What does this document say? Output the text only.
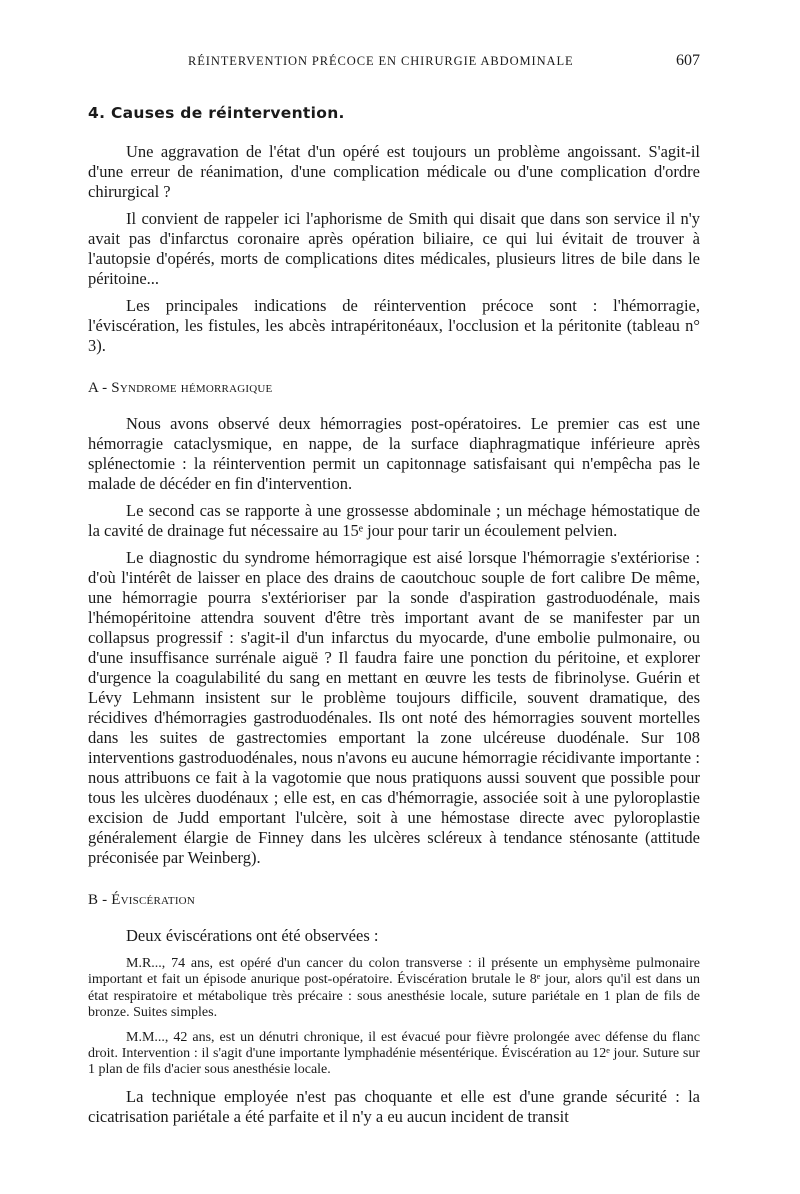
RÉINTERVENTION PRÉCOCE EN CHIRURGIE ABDOMINALE	607
4. Causes de réintervention.

Une aggravation de l'état d'un opéré est toujours un problème angoissant. S'agit-il d'une erreur de réanimation, d'une complication médicale ou d'une complication d'ordre chirurgical ?

Il convient de rappeler ici l'aphorisme de Smith qui disait que dans son service il n'y avait pas d'infarctus coronaire après opération biliaire, ce qui lui évitait de trouver à l'autopsie d'opérés, morts de complications dites médicales, plusieurs litres de bile dans le péritoine...

Les principales indications de réintervention précoce sont : l'hémorragie, l'éviscération, les fistules, les abcès intrapéritonéaux, l'occlusion et la péritonite (tableau n° 3).

A - Syndrome hémorragique

Nous avons observé deux hémorragies post-opératoires. Le premier cas est une hémorragie cataclysmique, en nappe, de la surface diaphragmatique inférieure après splénectomie : la réintervention permit un capitonnage satisfaisant qui n'empêcha pas le malade de décéder en fin d'intervention.

Le second cas se rapporte à une grossesse abdominale ; un méchage hémostatique de la cavité de drainage fut nécessaire au 15ᵉ jour pour tarir un écoulement pelvien.

Le diagnostic du syndrome hémorragique est aisé lorsque l'hémorragie s'extériorise : d'où l'intérêt de laisser en place des drains de caoutchouc souple de fort calibre De même, une hémorragie pourra s'extérioriser par la sonde d'aspiration gastroduodénale, mais l'hémopéritoine attendra souvent d'être très important avant de se manifester par un collapsus progressif : s'agit-il d'un infarctus du myocarde, d'une embolie pulmonaire, ou d'une insuffisance surrénale aiguë ? Il faudra faire une ponction du péritoine, et explorer d'urgence la coagulabilité du sang en mettant en œuvre les tests de fibrinolyse. Guérin et Lévy Lehmann insistent sur le problème toujours difficile, souvent dramatique, des récidives d'hémorragies gastroduodénales. Ils ont noté des hémorragies souvent mortelles dans les suites de gastrectomies emportant la zone ulcéreuse duodénale. Sur 108 interventions gastroduodénales, nous n'avons eu aucune hémorragie récidivante importante : nous attribuons ce fait à la vagotomie que nous pratiquons aussi souvent que possible pour tous les ulcères duodénaux ; elle est, en cas d'hémorragie, associée soit à une pyloroplastie excision de Judd emportant l'ulcère, soit à une hémostase directe avec pyloroplastie généralement élargie de Finney dans les ulcères scléreux à tendance sténosante (attitude préconisée par Weinberg).

B - Éviscération

Deux éviscérations ont été observées :

M.R..., 74 ans, est opéré d'un cancer du colon transverse : il présente un emphysème pulmonaire important et fait un épisode anurique post-opératoire. Éviscération brutale le 8ᵉ jour, alors qu'il est dans un état respiratoire et métabolique très précaire : sous anesthésie locale, suture pariétale en 1 plan de fils de bronze. Suites simples.

M.M..., 42 ans, est un dénutri chronique, il est évacué pour fièvre prolongée avec défense du flanc droit. Intervention : il s'agit d'une importante lymphadénie mésentérique. Éviscération au 12ᵉ jour. Suture sur 1 plan de fils d'acier sous anesthésie locale.

La technique employée n'est pas choquante et elle est d'une grande sécurité : la cicatrisation pariétale a été parfaite et il n'y a eu aucun incident de transit
